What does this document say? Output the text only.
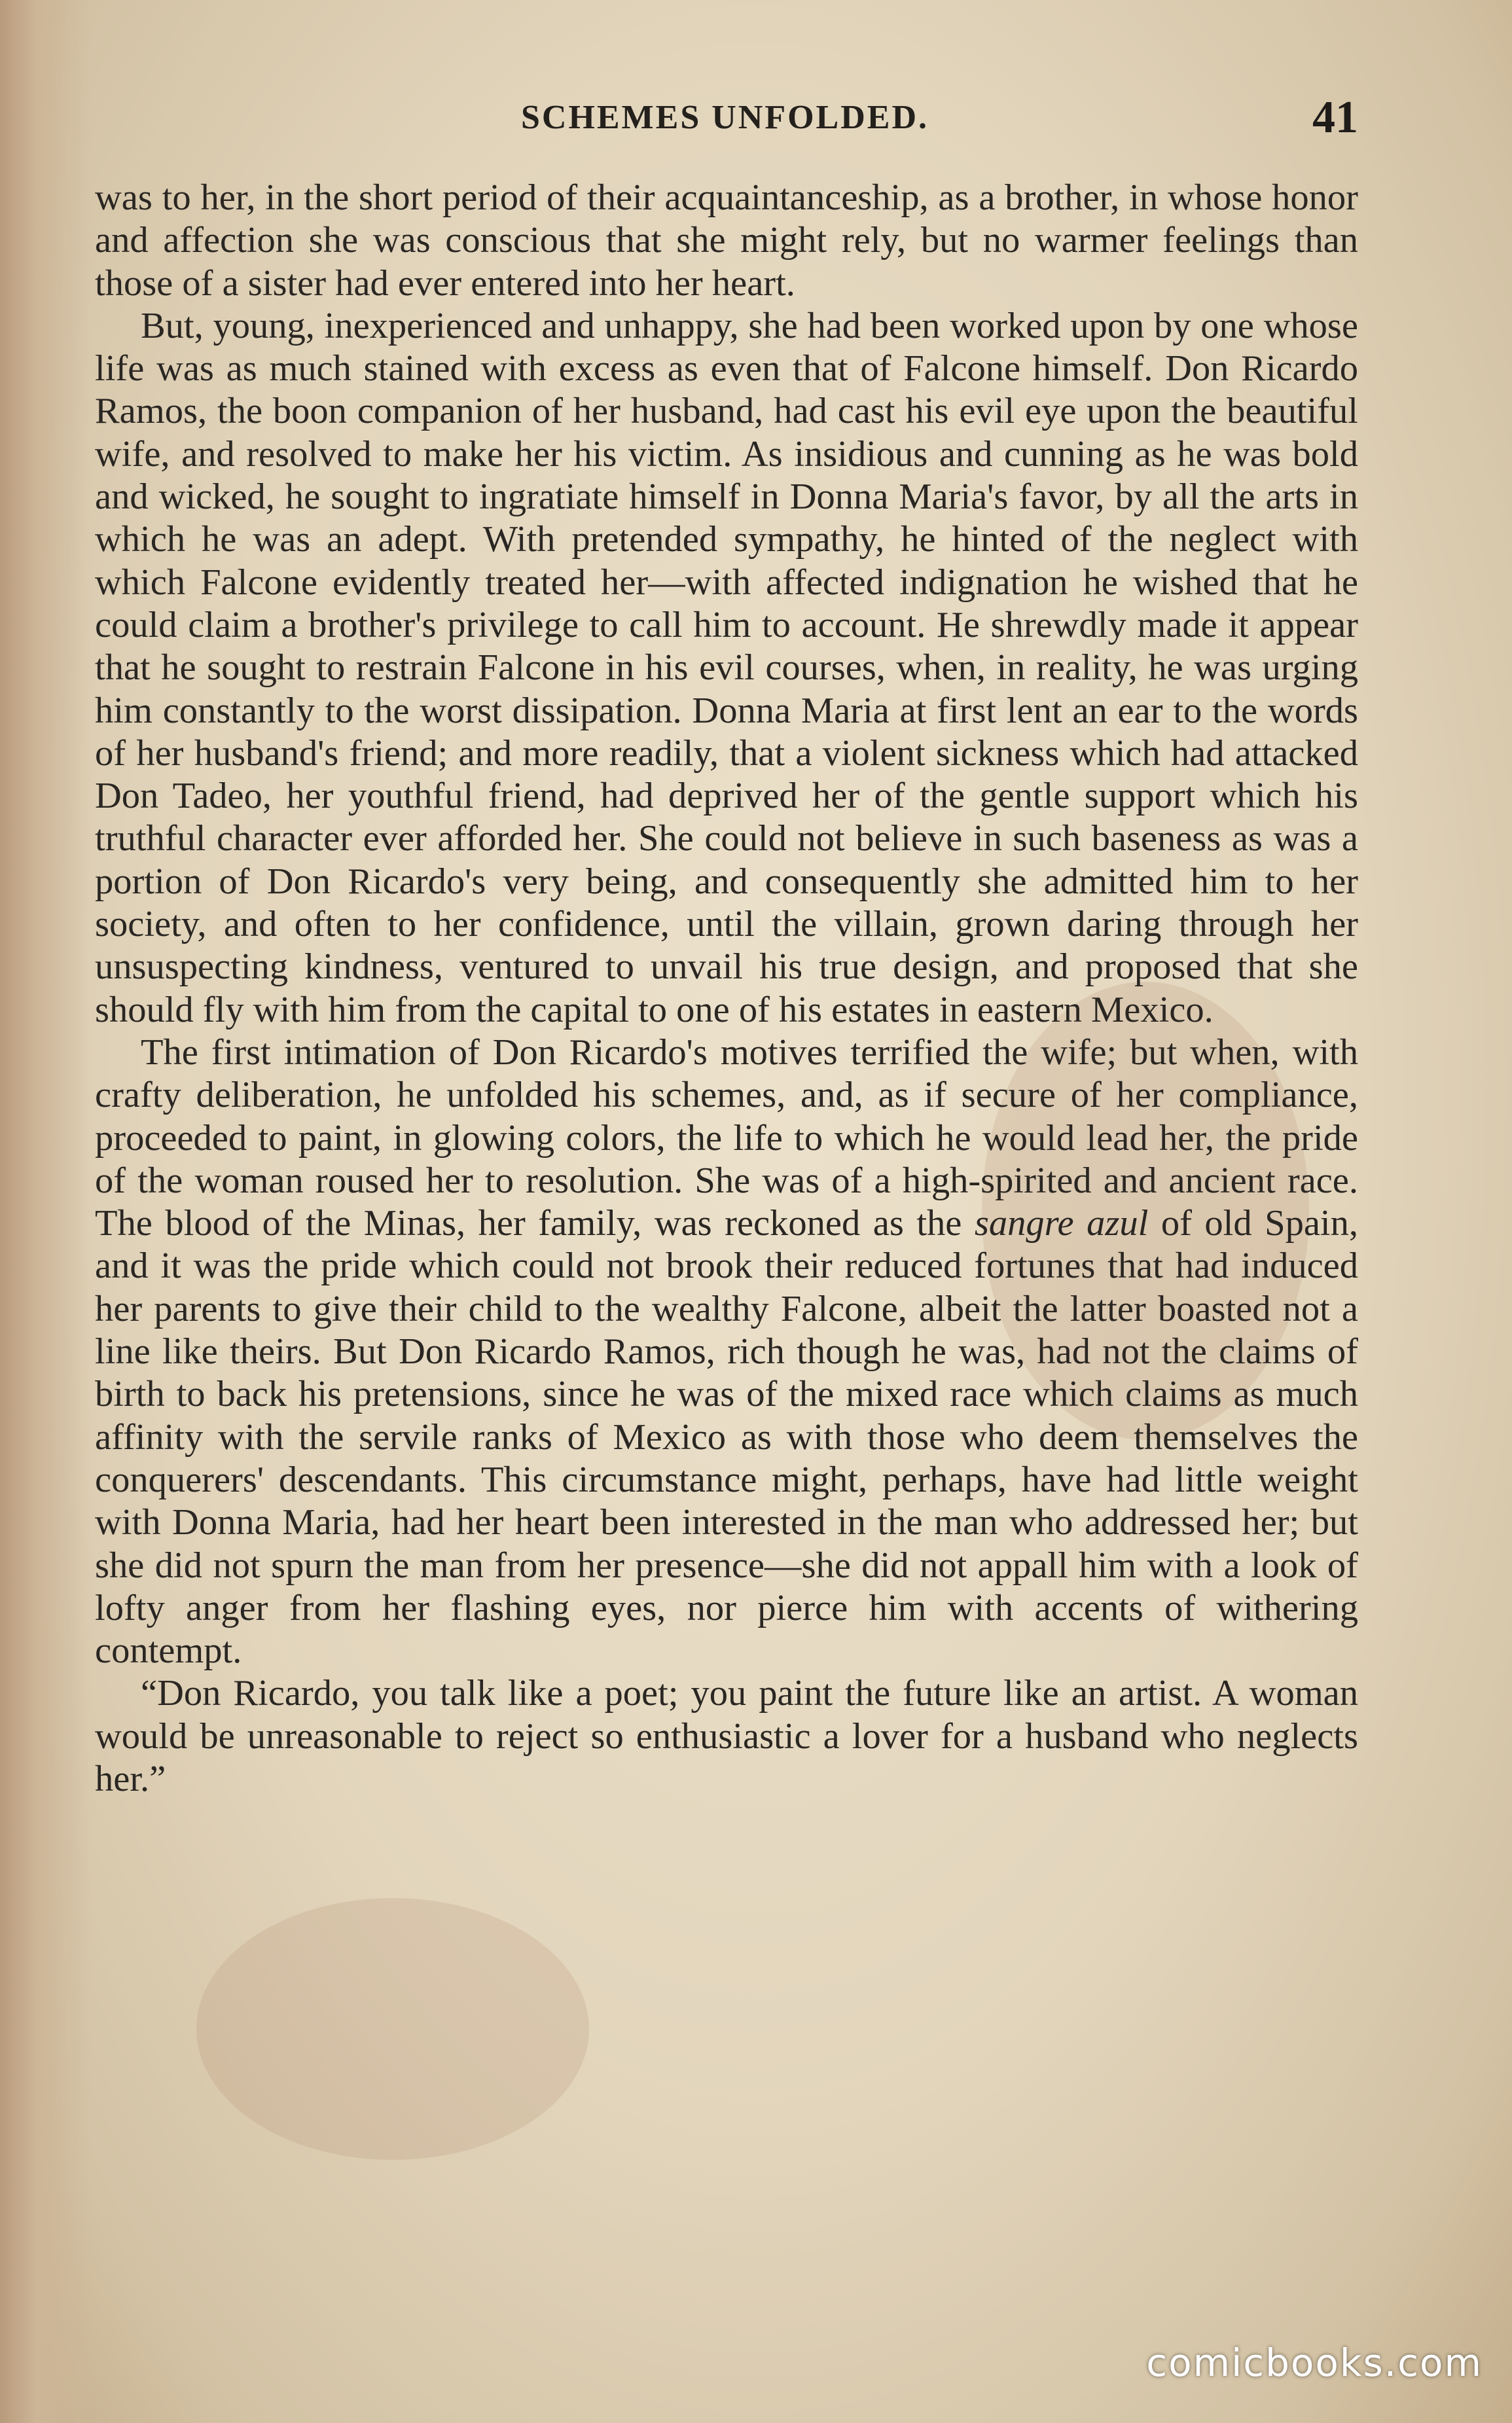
SCHEMES UNFOLDED.	41

was to her, in the short period of their acquaintanceship, as a brother, in whose honor and affection she was conscious that she might rely, but no warmer feelings than those of a sister had ever entered into her heart.

But, young, inexperienced and unhappy, she had been worked upon by one whose life was as much stained with excess as even that of Falcone himself. Don Ricardo Ramos, the boon companion of her husband, had cast his evil eye upon the beautiful wife, and resolved to make her his victim. As insidious and cunning as he was bold and wicked, he sought to ingratiate himself in Donna Maria's favor, by all the arts in which he was an adept. With pretended sympathy, he hinted of the neglect with which Falcone evidently treated her—with affected indignation he wished that he could claim a brother's privilege to call him to account. He shrewdly made it appear that he sought to restrain Falcone in his evil courses, when, in reality, he was urging him constantly to the worst dissipation. Donna Maria at first lent an ear to the words of her husband's friend; and more readily, that a violent sickness which had attacked Don Tadeo, her youthful friend, had deprived her of the gentle support which his truthful character ever afforded her. She could not believe in such baseness as was a portion of Don Ricardo's very being, and consequently she admitted him to her society, and often to her confidence, until the villain, grown daring through her unsuspecting kindness, ventured to unvail his true design, and proposed that she should fly with him from the capital to one of his estates in eastern Mexico.

The first intimation of Don Ricardo's motives terrified the wife; but when, with crafty deliberation, he unfolded his schemes, and, as if secure of her compliance, proceeded to paint, in glowing colors, the life to which he would lead her, the pride of the woman roused her to resolution. She was of a high-spirited and ancient race. The blood of the Minas, her family, was reckoned as the sangre azul of old Spain, and it was the pride which could not brook their reduced fortunes that had induced her parents to give their child to the wealthy Falcone, albeit the latter boasted not a line like theirs. But Don Ricardo Ramos, rich though he was, had not the claims of birth to back his pretensions, since he was of the mixed race which claims as much affinity with the servile ranks of Mexico as with those who deem themselves the conquerers' descendants. This circumstance might, perhaps, have had little weight with Donna Maria, had her heart been interested in the man who addressed her; but she did not spurn the man from her presence—she did not appall him with a look of lofty anger from her flashing eyes, nor pierce him with accents of withering contempt.

“Don Ricardo, you talk like a poet; you paint the future like an artist. A woman would be unreasonable to reject so enthusiastic a lover for a husband who neglects her.”

comicbooks.com
